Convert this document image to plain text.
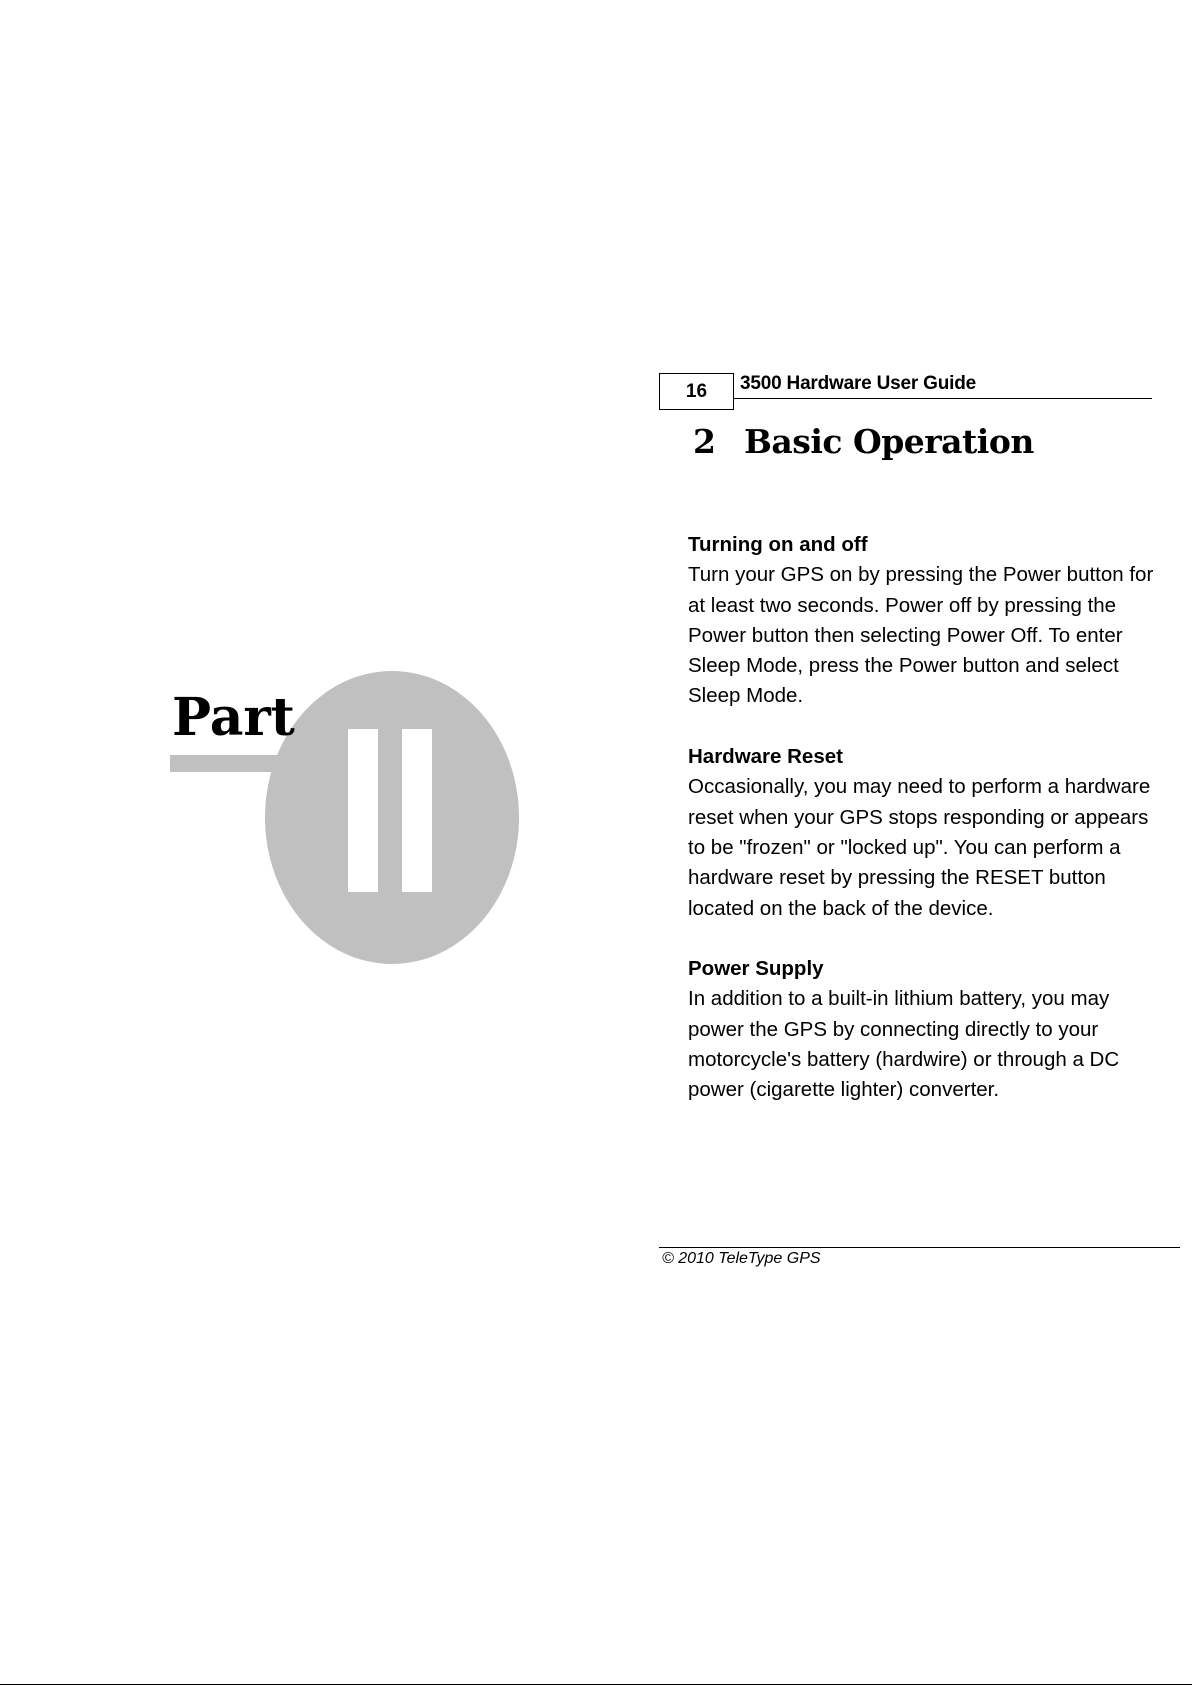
Part
16	3500 Hardware User Guide
2 Basic Operation

Turning on and off

Turn your GPS on by pressing the Power button for at least two seconds. Power off by pressing the Power button then selecting Power Off. To enter Sleep Mode, press the Power button and select Sleep Mode.

Hardware Reset

Occasionally, you may need to perform a hardware reset when your GPS stops responding or appears to be "frozen" or "locked up". You can perform a hardware reset by pressing the RESET button located on the back of the device.

Power Supply

In addition to a built-in lithium battery, you may power the GPS by connecting directly to your motorcycle's battery (hardwire) or through a DC power (cigarette lighter) converter.

© 2010 TeleType GPS
